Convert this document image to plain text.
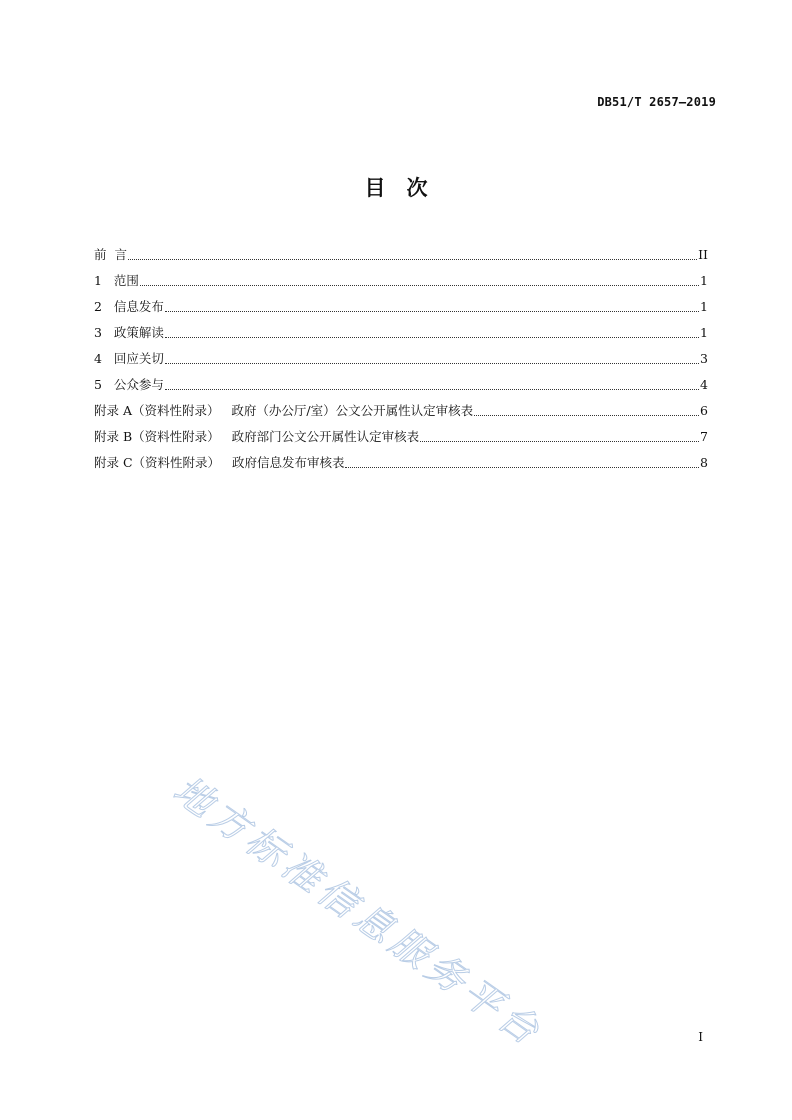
DB51/T 2657—2019
目　次
前  言	II
1   范围	1
2   信息发布	1
3   政策解读	1
4   回应关切	3
5   公众参与	4
附录 A（资料性附录）   政府（办公厅/室）公文公开属性认定审核表	6
附录 B（资料性附录）   政府部门公文公开属性认定审核表	7
附录 C（资料性附录）   政府信息发布审核表	8
地方标准信息服务平台	I
